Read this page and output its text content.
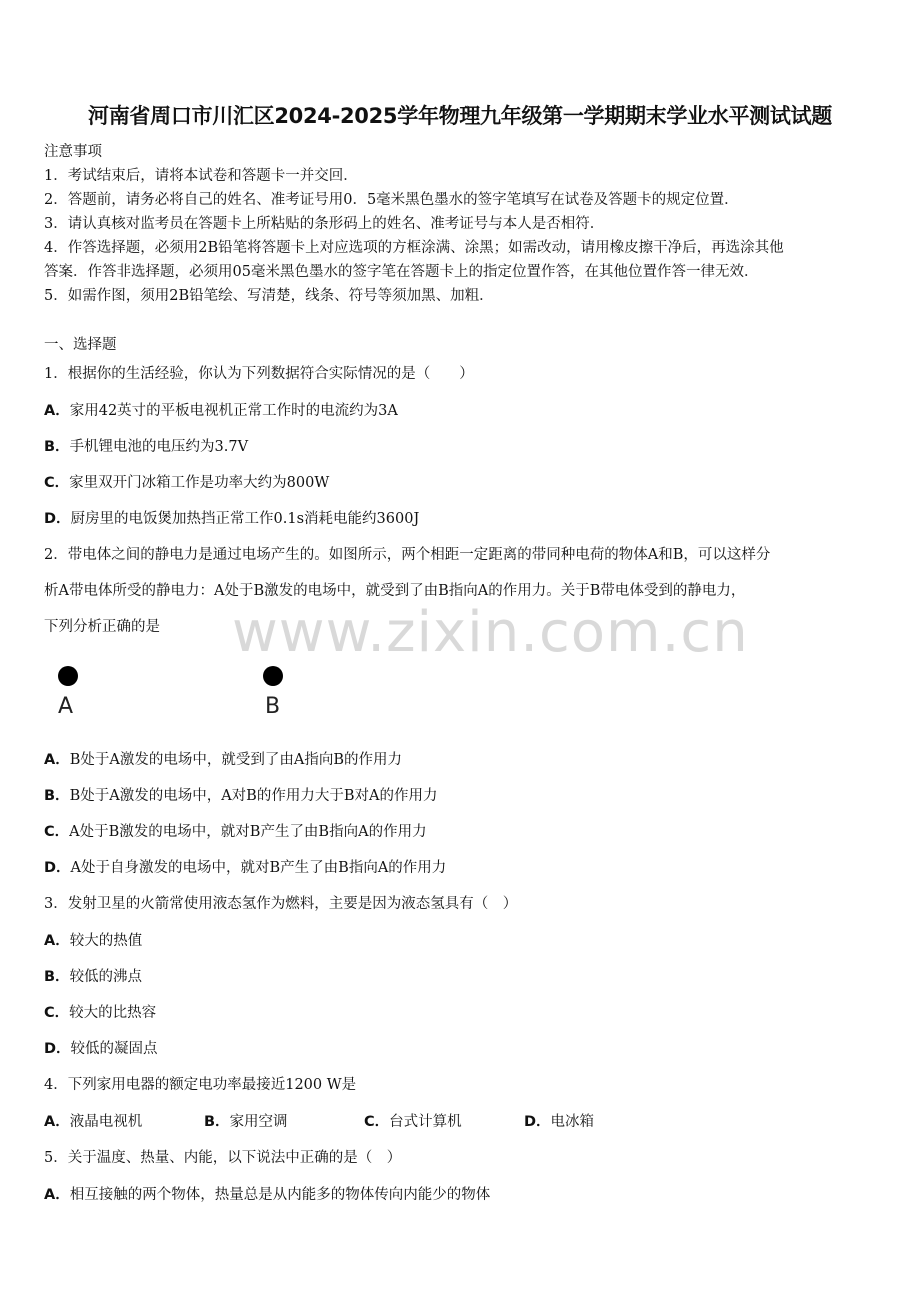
河南省周口市川汇区2024-2025学年物理九年级第一学期期末学业水平测试试题
注意事项
1．考试结束后，请将本试卷和答题卡一并交回．
2．答题前，请务必将自己的姓名、准考证号用0．5毫米黑色墨水的签字笔填写在试卷及答题卡的规定位置．
3．请认真核对监考员在答题卡上所粘贴的条形码上的姓名、准考证号与本人是否相符．
4．作答选择题，必须用2B铅笔将答题卡上对应选项的方框涂满、涂黑；如需改动，请用橡皮擦干净后，再选涂其他
答案．作答非选择题，必须用05毫米黑色墨水的签字笔在答题卡上的指定位置作答，在其他位置作答一律无效．
5．如需作图，须用2B铅笔绘、写清楚，线条、符号等须加黑、加粗．
一、选择题
1．根据你的生活经验，你认为下列数据符合实际情况的是（　　）
A．家用42英寸的平板电视机正常工作时的电流约为3A
B．手机锂电池的电压约为3.7V
C．家里双开门冰箱工作是功率大约为800W
D．厨房里的电饭煲加热挡正常工作0.1s消耗电能约3600J
2．带电体之间的静电力是通过电场产生的。如图所示，两个相距一定距离的带同种电荷的物体A和B，可以这样分
析A带电体所受的静电力：A处于B激发的电场中，就受到了由B指向A的作用力。关于B带电体受到的静电力，
下列分析正确的是 www.zixin.com.cn
A	B
A．B处于A激发的电场中，就受到了由A指向B的作用力
B．B处于A激发的电场中，A对B的作用力大于B对A的作用力
C．A处于B激发的电场中，就对B产生了由B指向A的作用力
D．A处于自身激发的电场中，就对B产生了由B指向A的作用力
3．发射卫星的火箭常使用液态氢作为燃料，主要是因为液态氢具有（　）
A．较大的热值
B．较低的沸点
C．较大的比热容
D．较低的凝固点
4．下列家用电器的额定电功率最接近1200 W是
A．液晶电视机	B．家用空调	C．台式计算机	D．电冰箱
5．关于温度、热量、内能，以下说法中正确的是（　）
A．相互接触的两个物体，热量总是从内能多的物体传向内能少的物体
